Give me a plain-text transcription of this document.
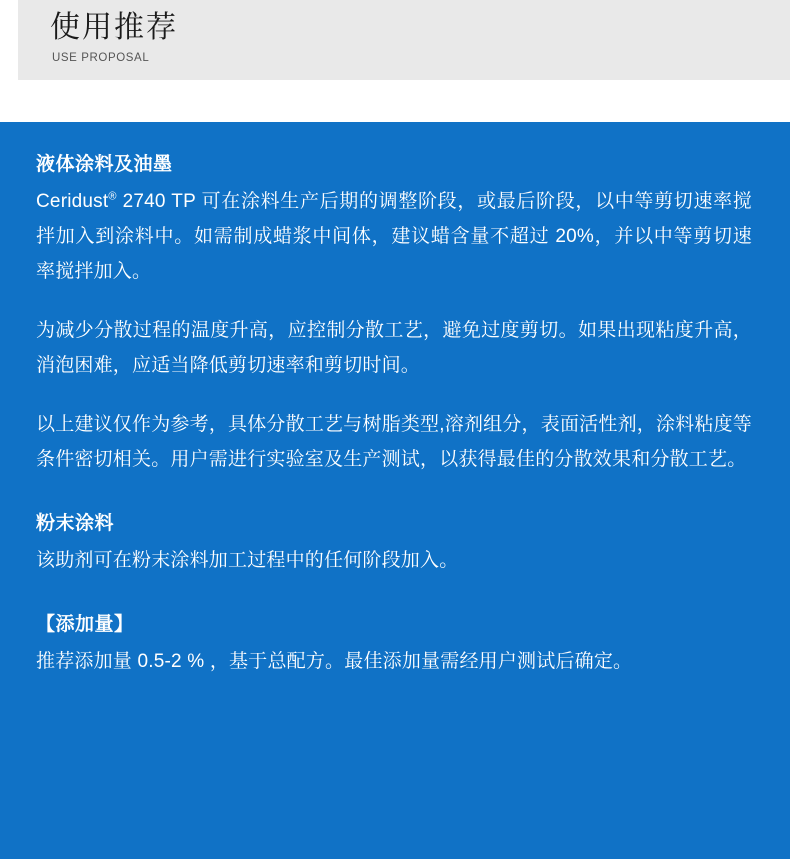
使用推荐
USE PROPOSAL
液体涂料及油墨

Ceridust® 2740 TP 可在涂料生产后期的调整阶段，或最后阶段，以中等剪切速率搅拌加入到涂料中。如需制成蜡浆中间体，建议蜡含量不超过 20%，并以中等剪切速率搅拌加入。

为减少分散过程的温度升高，应控制分散工艺，避免过度剪切。如果出现粘度升高，消泡困难，应适当降低剪切速率和剪切时间。

以上建议仅作为参考，具体分散工艺与树脂类型,溶剂组分，表面活性剂，涂料粘度等条件密切相关。用户需进行实验室及生产测试，以获得最佳的分散效果和分散工艺。

粉末涂料

该助剂可在粉末涂料加工过程中的任何阶段加入。

【添加量】

推荐添加量 0.5-2 % ，基于总配方。最佳添加量需经用户测试后确定。
